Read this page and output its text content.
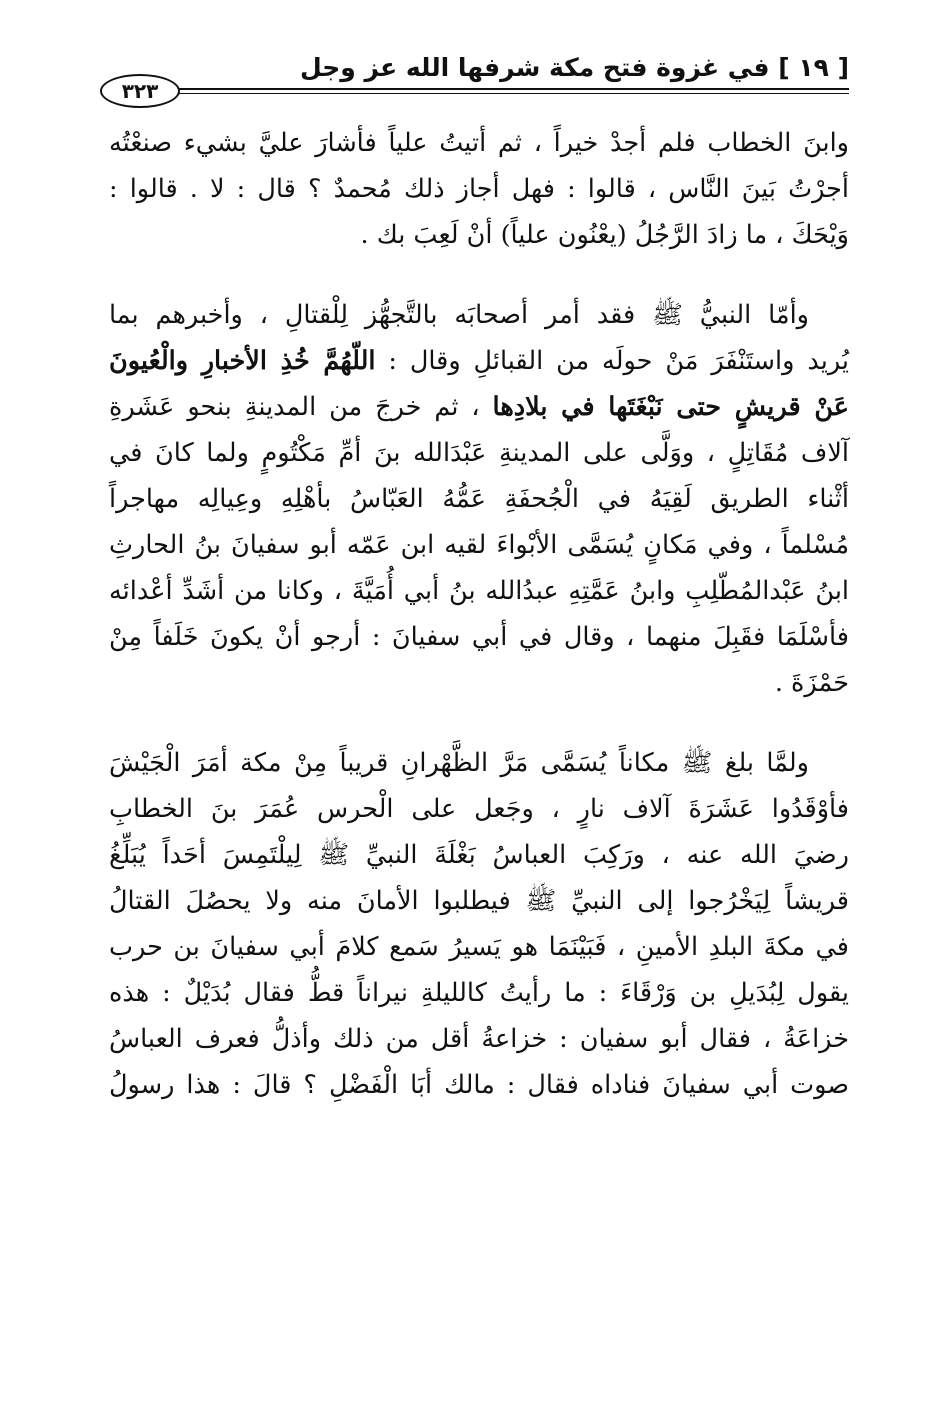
[ ١٩ ] في غزوة فتح مكة شرفها الله عز وجل
٣٢٣
وابنَ الخطاب فلم أجدْ خيراً ، ثم أتيتُ علياً فأشارَ عليَّ بشيء صنعْتُه
أجرْتُ بَينَ النَّاس ، قالوا : فهل أجاز ذلك مُحمدٌ ؟ قال : لا . قالوا :
وَيْحَكَ ، ما زادَ الرَّجُلُ (يعْنُون علياً) أنْ لَعِبَ بك .
وأمّا النبيُّ ﷺ فقد أمر أصحابَه بالتَّجهُّز لِلْقتالِ ، وأخبرهم بما
يُريد واستَنْفَرَ مَنْ حولَه من القبائلِ وقال : اللّهُمَّ خُذِ الأخبارِ والْعُيونَ
عَنْ قريشٍ حتى نَبْغَتَها في بلادِها ، ثم خرجَ من المدينةِ بنحو عَشَرةِ
آلاف مُقَاتِلٍ ، ووَلَّى على المدينةِ عَبْدَالله بنَ أمِّ مَكْتُومٍ ولما كانَ في
أثْناء الطريق لَقِيَهُ في الْجُحفَةِ عَمُّهُ العَبّاسُ بأهْلِهِ وعِيالِه مهاجراً
مُسْلماً ، وفي مَكانٍ يُسَمَّى الأبْواءَ لقيه ابن عَمّه أبو سفيانَ بنُ الحارثِ
ابنُ عَبْدالمُطّلِبِ وابنُ عَمَّتِهِ عبدُالله بنُ أبي أُمَيَّةَ ، وكانا من أشَدِّ أعْدائه
فأسْلَمَا فقَبِلَ منهما ، وقال في أبي سفيانَ : أرجو أنْ يكونَ خَلَفاً مِنْ
حَمْزَةَ .
ولمَّا بلغ ﷺ مكاناً يُسَمَّى مَرَّ الظَّهْرانِ قريباً مِنْ مكة أمَرَ الْجَيْشَ
فأوْقَدُوا عَشَرَةَ آلاف نارٍ ، وجَعل على الْحرس عُمَرَ بنَ الخطابِ
رضيَ الله عنه ، ورَكِبَ العباسُ بَغْلَةَ النبيِّ ﷺ لِيلْتَمِسَ أحَداً يُبَلِّغُ
قريشاً لِيَخْرُجوا إلى النبيِّ ﷺ فيطلبوا الأمانَ منه ولا يحصُلَ القتالُ
في مكةَ البلدِ الأمينِ ، فَبَيْنَمَا هو يَسيرُ سَمع كلامَ أبي سفيانَ بن حرب
يقول لِبُدَيلِ بن وَرْقَاءَ : ما رأيتُ كالليلةِ نيراناً قطُّ فقال بُدَيْلٌ : هذه
خزاعَةُ ، فقال أبو سفيان : خزاعةُ أقل من ذلك وأذلُّ فعرف العباسُ
صوت أبي سفيانَ فناداه فقال : مالك أبَا الْفَضْلِ ؟ قالَ : هذا رسولُ
